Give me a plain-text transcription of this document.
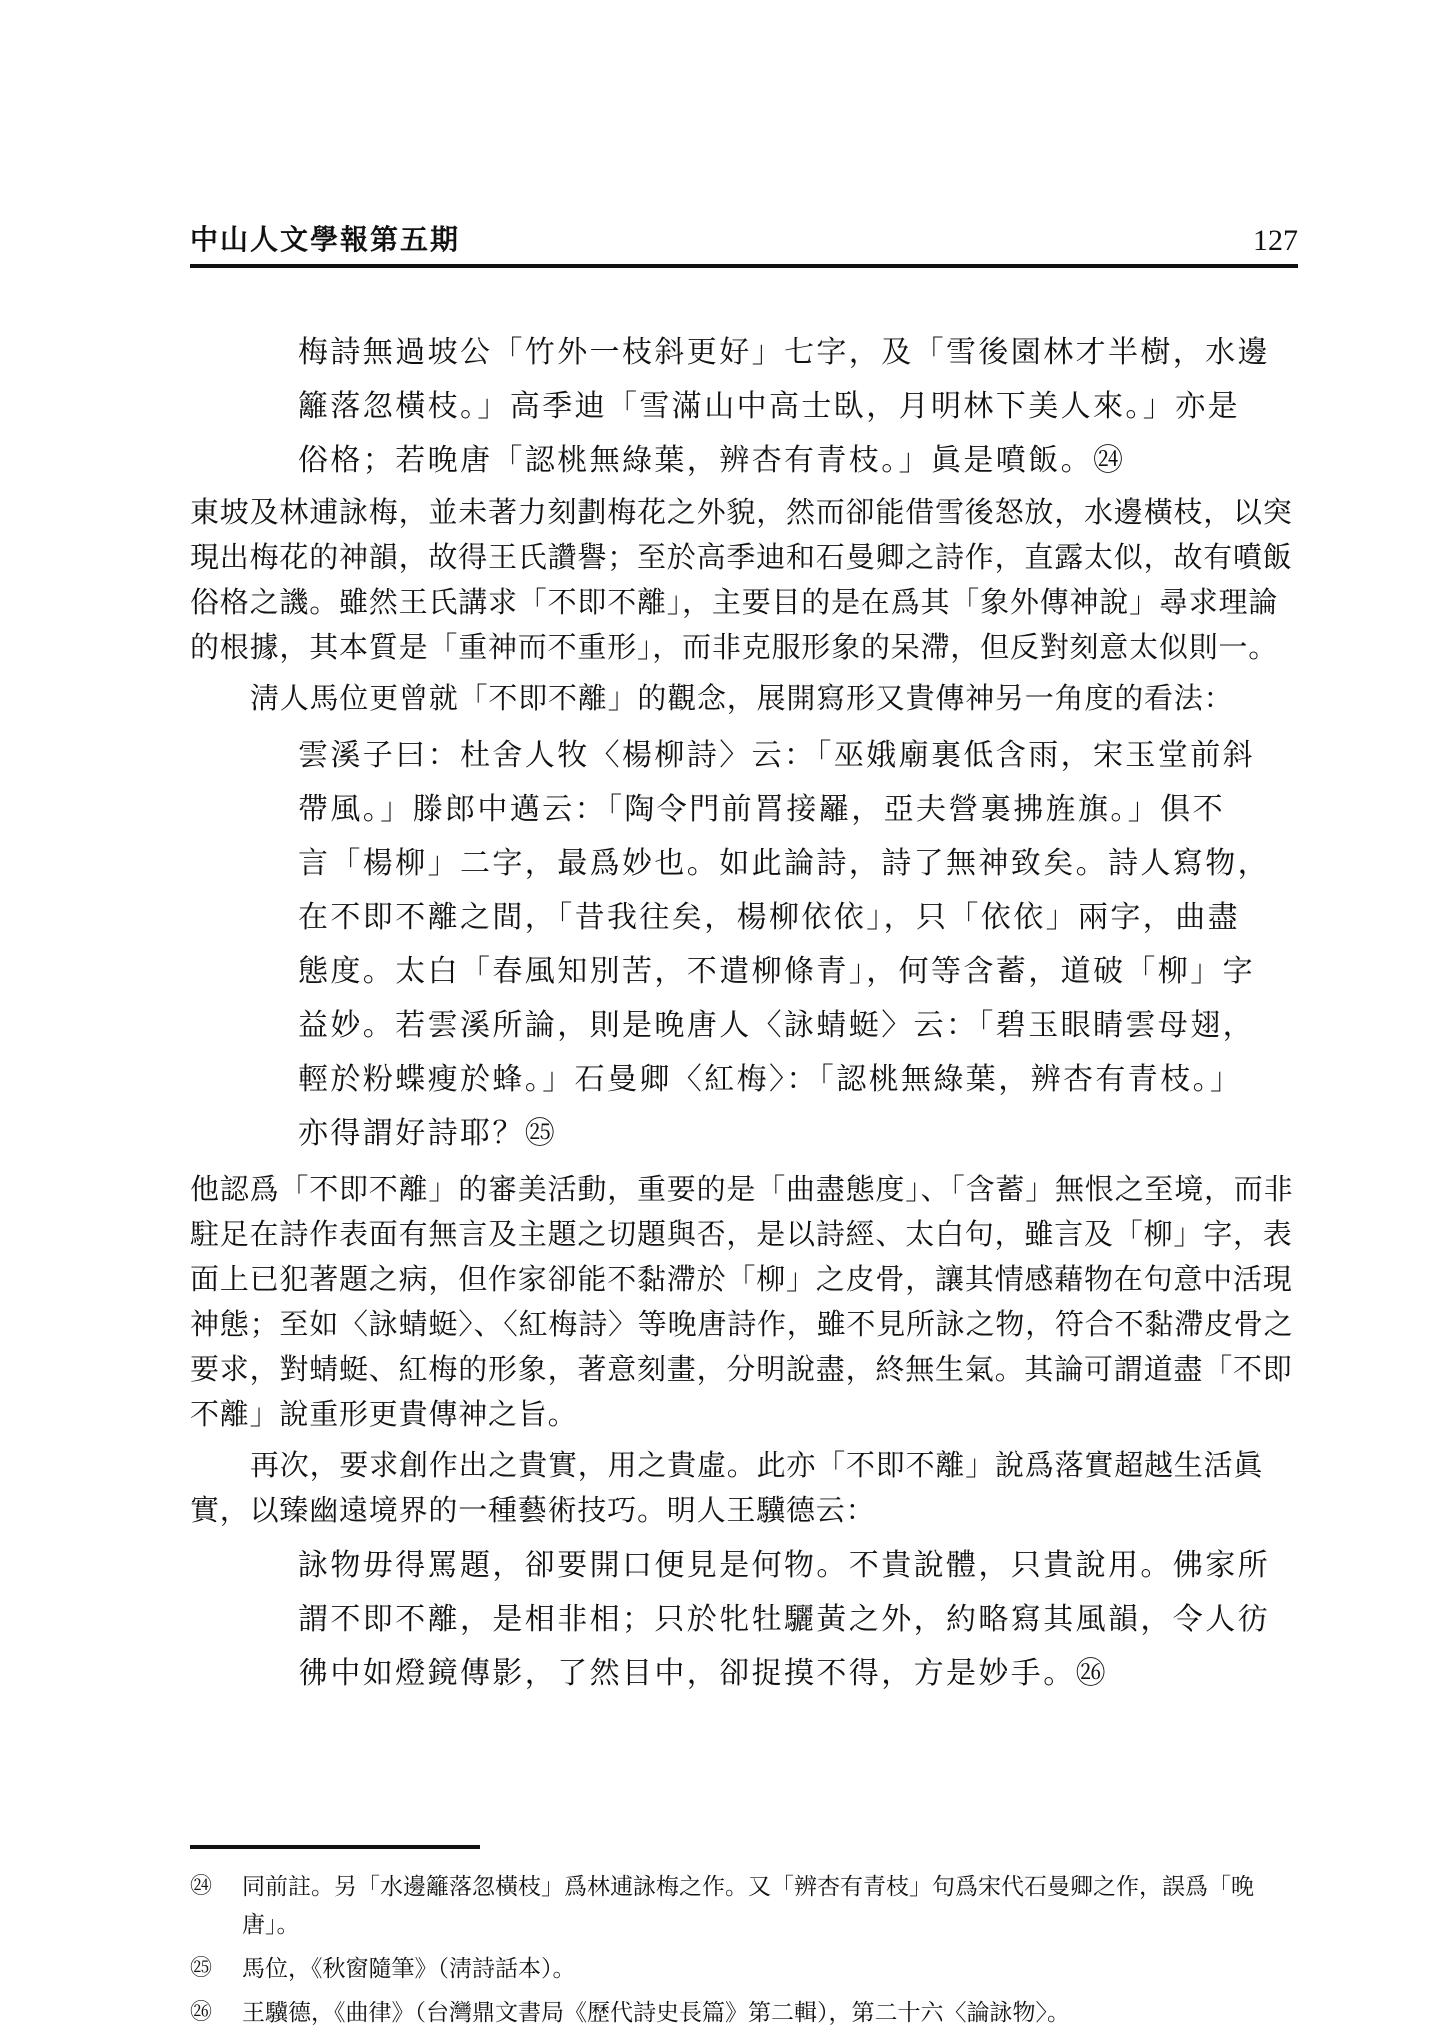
中山人文學報第五期	127
梅詩無過坡公「竹外一枝斜更好」七字，及「雪後園林才半樹，水邊
籬落忽橫枝。」高季迪「雪滿山中高士臥，月明林下美人來。」亦是
俗格；若晚唐「認桃無綠葉，辨杏有青枝。」眞是噴飯。㉔

東坡及林逋詠梅，並未著力刻劃梅花之外貌，然而卻能借雪後怒放，水邊橫枝，以突現出梅花的神韻，故得王氏讚譽；至於高季迪和石曼卿之詩作，直露太似，故有噴飯俗格之譏。雖然王氏講求「不即不離」，主要目的是在爲其「象外傳神說」尋求理論的根據，其本質是「重神而不重形」，而非克服形象的呆滯，但反對刻意太似則一。

淸人馬位更曾就「不即不離」的觀念，展開寫形又貴傳神另一角度的看法：

雲溪子曰：杜舍人牧〈楊柳詩〉云：「巫娥廟裏低含雨，宋玉堂前斜
帶風。」滕郎中邁云：「陶令門前罥接䍦，亞夫營裏拂旌旗。」俱不
言「楊柳」二字，最爲妙也。如此論詩，詩了無神致矣。詩人寫物，
在不即不離之間，「昔我往矣，楊柳依依」，只「依依」兩字，曲盡
態度。太白「春風知別苦，不遣柳條青」，何等含蓄，道破「柳」字
益妙。若雲溪所論，則是晚唐人〈詠蜻蜓〉云：「碧玉眼睛雲母翅，
輕於粉蝶瘦於蜂。」石曼卿〈紅梅〉：「認桃無綠葉，辨杏有青枝。」
亦得謂好詩耶？㉕

他認爲「不即不離」的審美活動，重要的是「曲盡態度」、「含蓄」無恨之至境，而非駐足在詩作表面有無言及主題之切題與否，是以詩經、太白句，雖言及「柳」字，表面上已犯著題之病，但作家卻能不黏滯於「柳」之皮骨，讓其情感藉物在句意中活現神態；至如〈詠蜻蜓〉、〈紅梅詩〉等晚唐詩作，雖不見所詠之物，符合不黏滯皮骨之要求，對蜻蜓、紅梅的形象，著意刻畫，分明說盡，終無生氣。其論可謂道盡「不即不離」說重形更貴傳神之旨。

再次，要求創作出之貴實，用之貴虛。此亦「不即不離」說爲落實超越生活眞實，以臻幽遠境界的一種藝術技巧。明人王驥德云：

詠物毋得罵題，卻要開口便見是何物。不貴說體，只貴說用。佛家所
謂不即不離，是相非相；只於牝牡驪黃之外，約略寫其風韻，令人彷
彿中如燈鏡傳影，了然目中，卻捉摸不得，方是妙手。㉖
㉔	同前註。另「水邊籬落忽橫枝」爲林逋詠梅之作。又「辨杏有青枝」句爲宋代石曼卿之作，誤爲「晚唐」。
㉕	馬位，《秋窗隨筆》（淸詩話本）。
㉖	王驥德，《曲律》（台灣鼎文書局《歷代詩史長篇》第二輯），第二十六〈論詠物〉。
